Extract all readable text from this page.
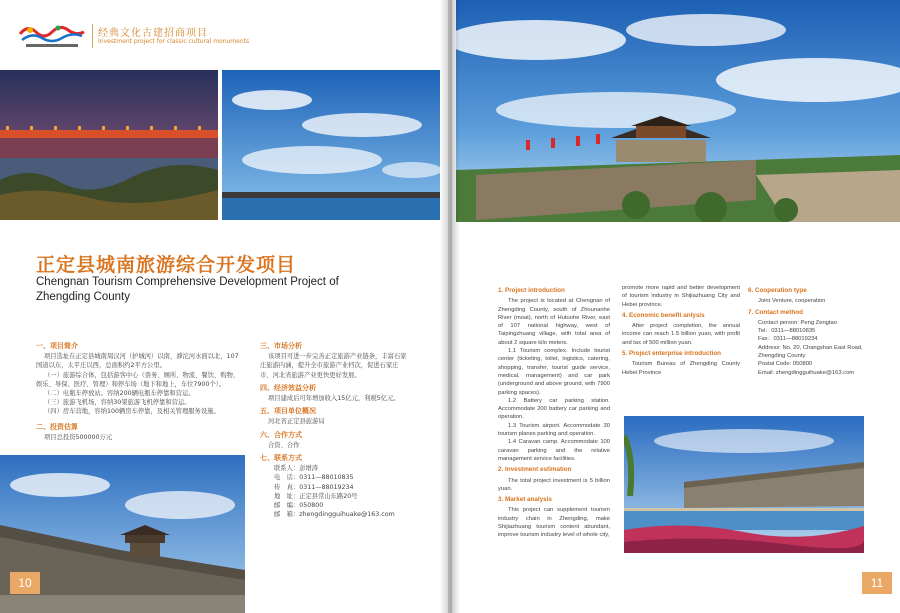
经典文化古建招商项目
Investment project for classic cultural monuments
正定县城南旅游综合开发项目
Chengnan Tourism Comprehensive Development Project of Zhengding County
一、项目简介
项目选址在正定县城南周汉河（护城河）以南，滹沱河水面以北，107国道以东，太平庄以西，总面积约2平方公里。
（一）旅游综合体，包括游客中心（票务、厕所、物流、餐饮、购物、娱乐、导保、医疗、管理）和停车场（地下和地上，车位7900个）。
（二）电瓶车停放站。容纳200辆电瓶车停靠和营运。
（三）旅游飞机场，容纳30架旅游飞机停靠和营运。
（四）房车营地，容纳100辆房车停靠，及相关管理服务设施。
二、投资估算
项目总投资500000万元
三、市场分析
该项目可进一步完善正定旅游产业链条，丰富石家庄旅游内涵，提升全市旅游产业档次，促进石家庄市、河北省旅游产业更快更好发展。
四、经济效益分析
项目建成后可年增加收入15亿元，利税5亿元。
五、项目单位概况
河北省正定县旅游局
六、合作方式
合资、合作
七、联系方式
联系人：彭增涛
电　话：0311—88010835
传　真：0311—88019234
地　址：正定县常山东路20号
邮　编：050800
邮　箱：zhengdingguihuake@163.com
10
1. Project introduction
The project is located at Chengnan of Zhengding County, south of Zhounanhe River (moat), north of Hutuohe River, east of 107 national highway, west of Taipingzhuang village, with total area of about 2 square kilo meters.
1.1 Tourism complex. Include tourist center (ticketing, toilet, logistics, catering, shopping, transfer, tourist guide service, medical, management) and car park (underground and above ground, with 7900 parking spaces).
1.2 Battery car parking station. Accommodate 200 battery car parking and operation.
1.3 Tourism airport. Accommodate 30 tourism planes parking and operation.
1.4 Caravan camp. Accommodate 100 caravan parking and the relative management service facilities.
2. Investment estimation
The total project investment is 5 billion yuan.
3. Market analysis
This project can supplement tourism industry chain in Zhengding, make Shijiazhuang tourism content abundant, improve tourism industry level of whole city,
promote more rapid and better development of tourism industry in Shijiazhuang City and Hebei province.
4. Economic benefit anlysis
After project completion, the annual income can reach 1.5 billion yuan, with profit and tax of 500 million yuan.
5. Project enterprise introduction
Tourism Bureau of Zhengding County Hebei Province
6. Cooperation type
Joint Venture, cooperation
7. Contact method
Contact person: Peng Zengtao
Tel：0311—88010835
Fax：0311—88019234
Address: No. 20, Changshan East Road, Zhengding County
Postal Code: 050800
Email: zhengdingguihuake@163.com
11
